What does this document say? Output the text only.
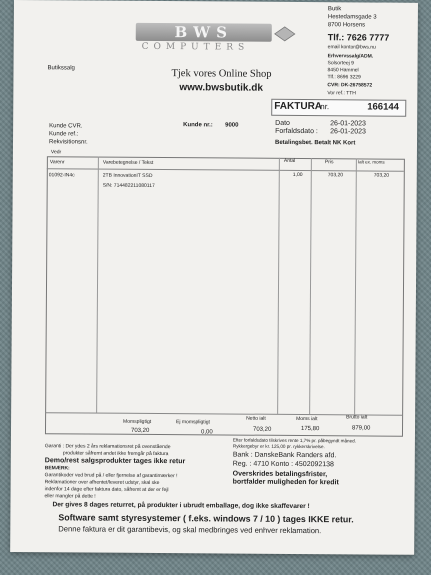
BWS
COMPUTERS
Butik
Hestedamsgade 3
8700 Horsens
Tlf.: 7626 7777
email kontor@bws.nu
Erhvervssalg/ADM.
Solsorteej 9
8450 Hammel
Tlf.: 8696 3229
CVR: DK-26758572
Vor ref.: TTH
Butikssalg	Tjek vores Online Shop
www.bwsbutik.dk
FAKTURA
nr.	166144
Dato	26-01-2023
Forfaldsdato : 26-01-2023
Betalingsbet. Betalt NK Kort
Kunde CVR.
Kunde ref.:
Rekvisitionsnr.
Vedr
Kunde nr.: 9000
Varenr	Varebetegnelse / Tekst	Antal	Pris	Ialt ex. moms
01092-IN4c	2TB InnovationIT SSD	1,00	703,20	703,20
S/N: 714482211080117
Momspligtigt	Ej momspligtigt
Netto ialt	Moms ialt	Brutto ialt
703,20	0,00	703,20	175,80	879,00
Garanti : Der ydes 2 års reklamationsret på ovenstående
produkter såfremt andet ikke fremgår på faktura
Demo/rest salgsprodukter tages ikke retur
BEMÆRK:
Garantikoder ved brud på / eller fjernelse af garantimærker !
Reklamationer over afhentet/leveret udstyr, skal ske
indenfor 14 dage efter faktura dato, såfremt at der er fejl
eller mangler på dette !
Efter forfaldsdato tilskrives rente 1,7% pr. påbegyndt måned.
Rykkergebyr er kr. 125,00 pr. rykkerskrivelse.
Bank : DanskeBank Randers afd.
Reg. : 4710 Konto : 4502092138
Overskrides betalingsfrister,
bortfalder muligheden for kredit
Der gives 8 dages returret, på produkter i ubrudt emballage, dog ikke skaffevarer !
Software samt styresystemer ( f.eks. windows 7 / 10 ) tages IKKE retur.
Denne faktura er dit garantibevis, og skal medbringes ved enhver reklamation.
